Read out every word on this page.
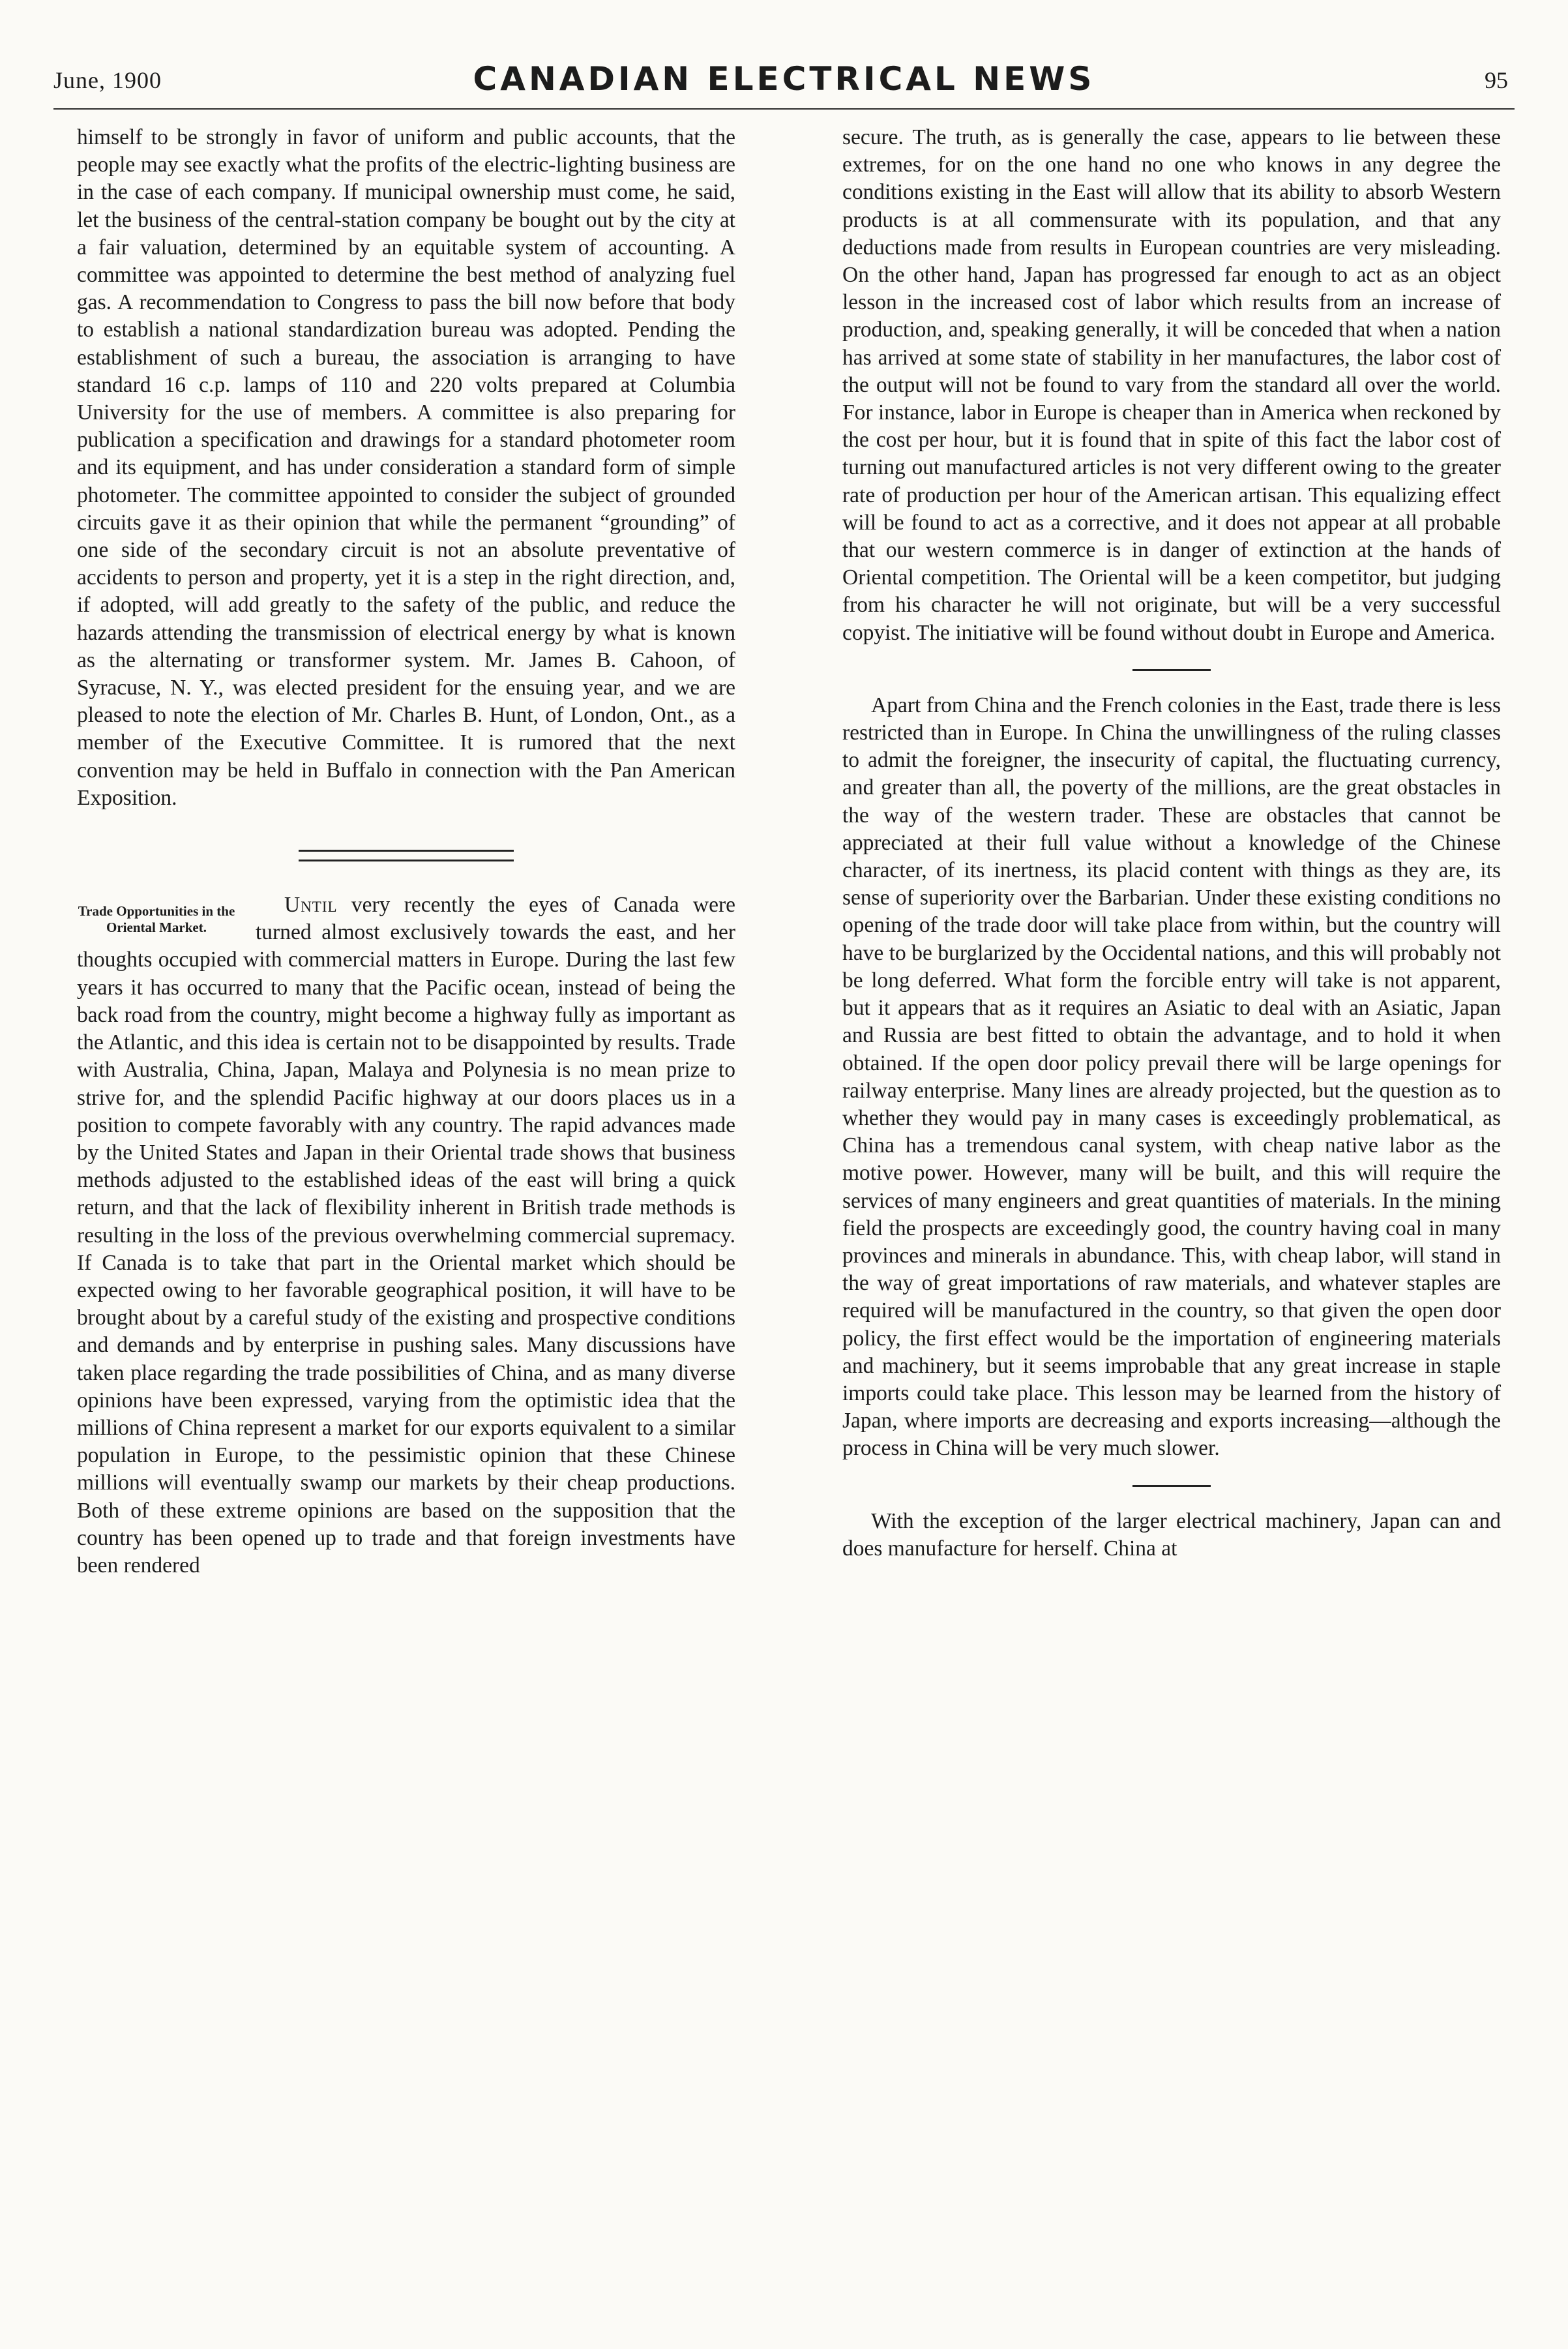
June, 1900	CANADIAN ELECTRICAL NEWS	95

himself to be strongly in favor of uniform and public accounts, that the people may see exactly what the profits of the electric-lighting business are in the case of each company. If municipal ownership must come, he said, let the business of the central-station company be bought out by the city at a fair valuation, determined by an equitable system of accounting. A committee was appointed to determine the best method of analyzing fuel gas. A recommendation to Congress to pass the bill now before that body to establish a national standardization bureau was adopted. Pending the establishment of such a bureau, the association is arranging to have standard 16 c.p. lamps of 110 and 220 volts prepared at Columbia University for the use of members. A committee is also preparing for publication a specification and drawings for a standard photometer room and its equipment, and has under consideration a standard form of simple photometer. The committee appointed to consider the subject of grounded circuits gave it as their opinion that while the permanent “grounding” of one side of the secondary circuit is not an absolute preventative of accidents to person and property, yet it is a step in the right direction, and, if adopted, will add greatly to the safety of the public, and reduce the hazards attending the transmission of electrical energy by what is known as the alternating or transformer system. Mr. James B. Cahoon, of Syracuse, N. Y., was elected president for the ensuing year, and we are pleased to note the election of Mr. Charles B. Hunt, of London, Ont., as a member of the Executive Committee. It is rumored that the next convention may be held in Buffalo in connection with the Pan American Exposition.

Trade Opportunities in the Oriental Market.

Until very recently the eyes of Canada were turned almost exclusively towards the east, and her thoughts occupied with commercial matters in Europe. During the last few years it has occurred to many that the Pacific ocean, instead of being the back road from the country, might become a highway fully as important as the Atlantic, and this idea is certain not to be disappointed by results. Trade with Australia, China, Japan, Malaya and Polynesia is no mean prize to strive for, and the splendid Pacific highway at our doors places us in a position to compete favorably with any country. The rapid advances made by the United States and Japan in their Oriental trade shows that business methods adjusted to the established ideas of the east will bring a quick return, and that the lack of flexibility inherent in British trade methods is resulting in the loss of the previous overwhelming commercial supremacy. If Canada is to take that part in the Oriental market which should be expected owing to her favorable geographical position, it will have to be brought about by a careful study of the existing and prospective conditions and demands and by enterprise in pushing sales. Many discussions have taken place regarding the trade possibilities of China, and as many diverse opinions have been expressed, varying from the optimistic idea that the millions of China represent a market for our exports equivalent to a similar population in Europe, to the pessimistic opinion that these Chinese millions will eventually swamp our markets by their cheap productions. Both of these extreme opinions are based on the supposition that the country has been opened up to trade and that foreign investments have been rendered

secure. The truth, as is generally the case, appears to lie between these extremes, for on the one hand no one who knows in any degree the conditions existing in the East will allow that its ability to absorb Western products is at all commensurate with its population, and that any deductions made from results in European countries are very misleading. On the other hand, Japan has progressed far enough to act as an object lesson in the increased cost of labor which results from an increase of production, and, speaking generally, it will be conceded that when a nation has arrived at some state of stability in her manufactures, the labor cost of the output will not be found to vary from the standard all over the world. For instance, labor in Europe is cheaper than in America when reckoned by the cost per hour, but it is found that in spite of this fact the labor cost of turning out manufactured articles is not very different owing to the greater rate of production per hour of the American artisan. This equalizing effect will be found to act as a corrective, and it does not appear at all probable that our western commerce is in danger of extinction at the hands of Oriental competition. The Oriental will be a keen competitor, but judging from his character he will not originate, but will be a very successful copyist. The initiative will be found without doubt in Europe and America.

Apart from China and the French colonies in the East, trade there is less restricted than in Europe. In China the unwillingness of the ruling classes to admit the foreigner, the insecurity of capital, the fluctuating currency, and greater than all, the poverty of the millions, are the great obstacles in the way of the western trader. These are obstacles that cannot be appreciated at their full value without a knowledge of the Chinese character, of its inertness, its placid content with things as they are, its sense of superiority over the Barbarian. Under these existing conditions no opening of the trade door will take place from within, but the country will have to be burglarized by the Occidental nations, and this will probably not be long deferred. What form the forcible entry will take is not apparent, but it appears that as it requires an Asiatic to deal with an Asiatic, Japan and Russia are best fitted to obtain the advantage, and to hold it when obtained. If the open door policy prevail there will be large openings for railway enterprise. Many lines are already projected, but the question as to whether they would pay in many cases is exceedingly problematical, as China has a tremendous canal system, with cheap native labor as the motive power. However, many will be built, and this will require the services of many engineers and great quantities of materials. In the mining field the prospects are exceedingly good, the country having coal in many provinces and minerals in abundance. This, with cheap labor, will stand in the way of great importations of raw materials, and whatever staples are required will be manufactured in the country, so that given the open door policy, the first effect would be the importation of engineering materials and machinery, but it seems improbable that any great increase in staple imports could take place. This lesson may be learned from the history of Japan, where imports are decreasing and exports increasing—although the process in China will be very much slower.

With the exception of the larger electrical machinery, Japan can and does manufacture for herself. China at
